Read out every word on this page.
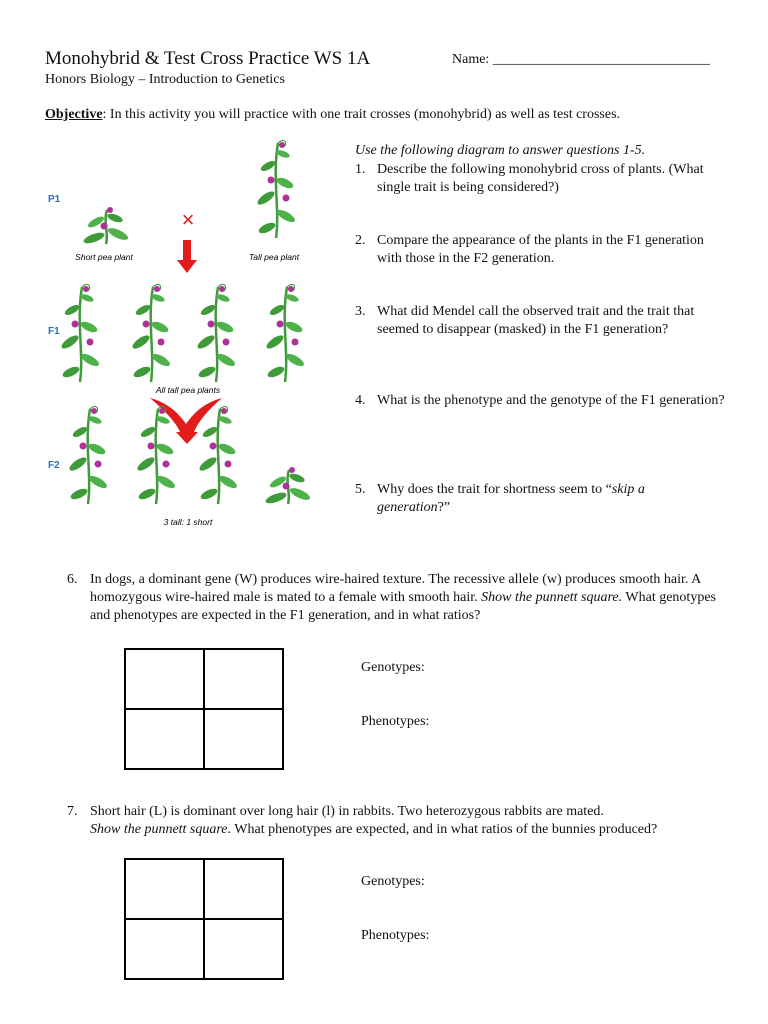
Monohybrid & Test Cross Practice WS 1A	Name: _______________________________
Honors Biology – Introduction to Genetics
Objective: In this activity you will practice with one trait crosses (monohybrid) as well as test crosses.
P1
×
Short pea plant	Tall pea plant
F1
All tall pea plants
F2
3 tall: 1 short
Use the following diagram to answer questions 1-5.
1. Describe the following monohybrid cross of plants. (What single trait is being considered?)
2. Compare the appearance of the plants in the F1 generation with those in the F2 generation.
3. What did Mendel call the observed trait and the trait that seemed to disappear (masked) in the F1 generation?
4. What is the phenotype and the genotype of the F1 generation?
5. Why does the trait for shortness seem to “skip a generation?”
6. In dogs, a dominant gene (W) produces wire-haired texture. The recessive allele (w) produces smooth hair. A homozygous wire-haired male is mated to a female with smooth hair. Show the punnett square. What genotypes and phenotypes are expected in the F1 generation, and in what ratios?
Genotypes:
Phenotypes:
7. Short hair (L) is dominant over long hair (l) in rabbits. Two heterozygous rabbits are mated.
Show the punnett square. What phenotypes are expected, and in what ratios of the bunnies produced?
Genotypes:
Phenotypes:
